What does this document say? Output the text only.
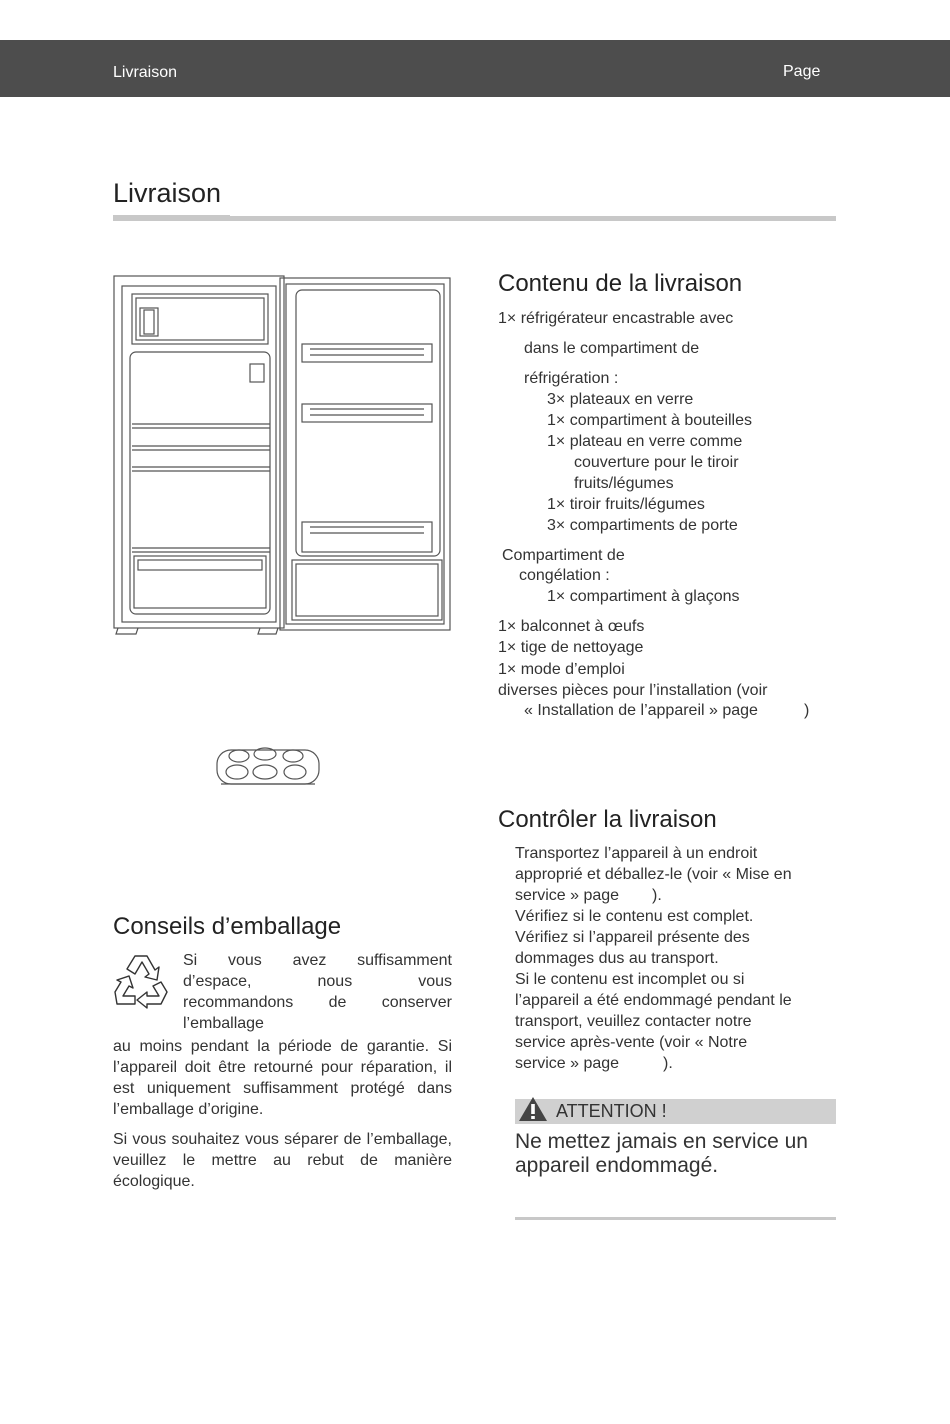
Livraison	Page
Livraison
Contenu de la livraison
1× réfrigérateur encastrable avec
dans le compartiment de
réfrigération :
3× plateaux en verre
1× compartiment à bouteilles
1× plateau en verre comme
couverture pour le tiroir
fruits/légumes
1× tiroir fruits/légumes
3× compartiments de porte
Compartiment de
congélation :
1× compartiment à glaçons
1× balconnet à œufs
1× tige de nettoyage
1× mode d’emploi
diverses pièces pour l’installation (voir
« Installation de l’appareil » page	)
Contrôler la livraison
Transportez l’appareil à un endroit
approprié et déballez-le (voir « Mise en
service » page ).
Vérifiez si le contenu est complet.
Vérifiez si l’appareil présente des
dommages dus au transport.
Si le contenu est incomplet ou si
l’appareil a été endommagé pendant le
transport, veuillez contacter notre
service après-vente (voir « Notre
service » page	).
ATTENTION !
Ne mettez jamais en service un appareil endommagé.
Conseils d’emballage
Si vous avez suffisamment
d’espace,	nous	vous
recommandons de conserver
l’emballage
au moins pendant la période de garantie. Si l’appareil doit être retourné pour réparation, il est uniquement suffisamment protégé dans l’emballage d’origine.
Si vous souhaitez vous séparer de l’emballage, veuillez le mettre au rebut de manière écologique.
